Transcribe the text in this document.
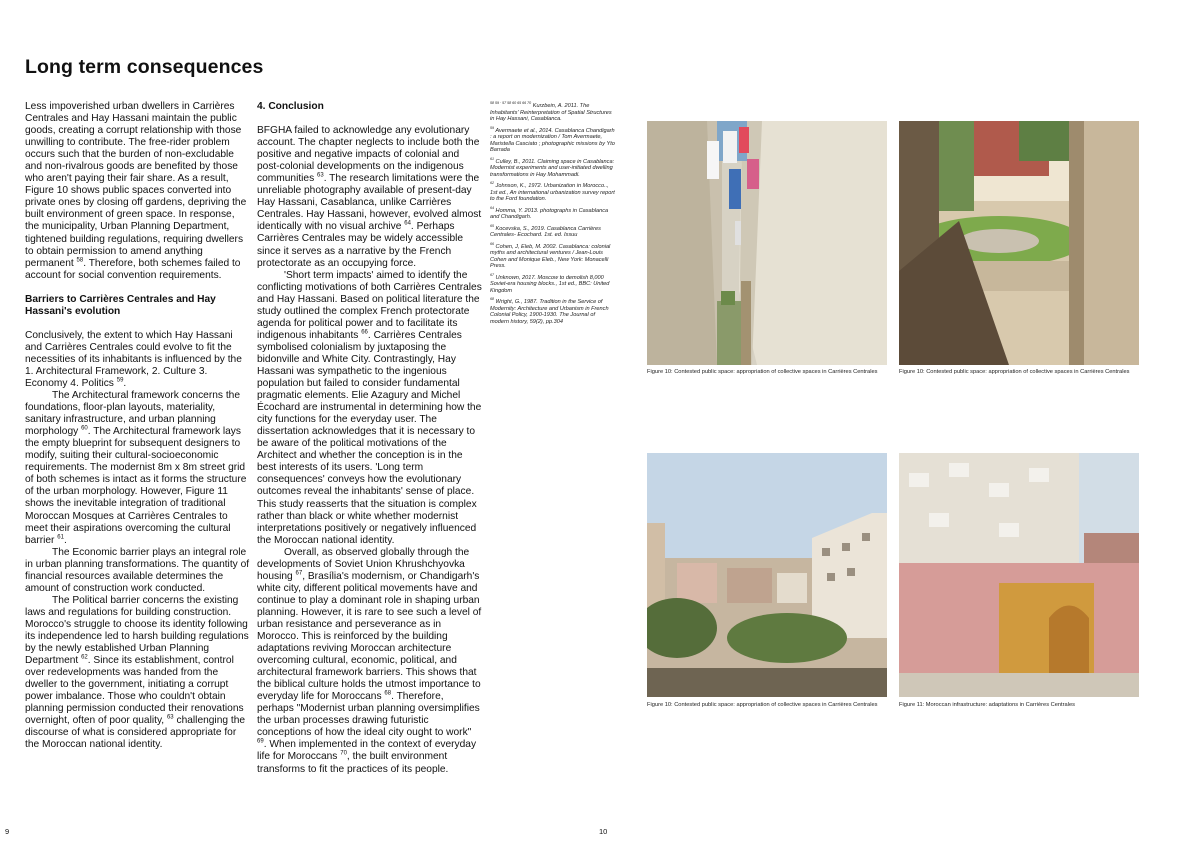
Long term consequences

Less impoverished urban dwellers in Carrières Centrales and Hay Hassani maintain the public goods, creating a corrupt relationship with those unwilling to contribute. The free-rider problem occurs such that the burden of non-excludable and non-rivalrous goods are benefited by those who aren't paying their fair share. As a result, Figure 10 shows public spaces converted into private ones by closing off gardens, depriving the built environment of green space. In response, the municipality, Urban Planning Department, tightened building regulations, requiring dwellers to obtain permission to amend anything permanent $^{58}$. Therefore, both schemes failed to account for social convention requirements.

Barriers to Carrières Centrales and Hay Hassani's evolution

Conclusively, the extent to which Hay Hassani and Carrières Centrales could evolve to fit the necessities of its inhabitants is influenced by the 1. Architectural Framework, 2. Culture 3. Economy 4. Politics $^{59}$.

The Architectural framework concerns the foundations, floor-plan layouts, materiality, sanitary infrastructure, and urban planning morphology $^{60}$. The Architectural framework lays the empty blueprint for subsequent designers to modify, suiting their cultural-socioeconomic requirements. The modernist 8m x 8m street grid of both schemes is intact as it forms the structure of the urban morphology. However, Figure 11 shows the inevitable integration of traditional Moroccan Mosques at Carrières Centrales to meet their aspirations overcoming the cultural barrier $^{61}$.

The Economic barrier plays an integral role in urban planning transformations. The quantity of financial resources available determines the amount of construction work conducted.

The Political barrier concerns the existing laws and regulations for building construction. Morocco's struggle to choose its identity following its independence led to harsh building regulations by the newly established Urban Planning Department $^{62}$. Since its establishment, control over redevelopments was handed from the dweller to the government, initiating a corrupt power imbalance. Those who couldn't obtain planning permission conducted their renovations overnight, often of poor quality, $^{63}$ challenging the discourse of what is considered appropriate for the Moroccan national identity.

4. Conclusion

BFGHA failed to acknowledge any evolutionary account. The chapter neglects to include both the positive and negative impacts of colonial and post-colonial developments on the indigenous communities $^{63}$. The research limitations were the unreliable photography available of present-day Hay Hassani, Casablanca, unlike Carrières Centrales. Hay Hassani, however, evolved almost identically with no visual archive $^{64}$. Perhaps Carrières Centrales may be widely accessible since it serves as a narrative by the French protectorate as an occupying force.

'Short term impacts' aimed to identify the conflicting motivations of both Carrières Centrales and Hay Hassani. Based on political literature the study outlined the complex French protectorate agenda for political power and to facilitate its indigenous inhabitants $^{66}$. Carrières Centrales symbolised colonialism by juxtaposing the bidonville and White City. Contrastingly, Hay Hassani was sympathetic to the ingenious population but failed to consider fundamental pragmatic elements. Elie Azagury and Michel Écochard are instrumental in determining how the city functions for the everyday user. The dissertation acknowledges that it is necessary to be aware of the political motivations of the Architect and whether the conception is in the best interests of its users. 'Long term consequences' conveys how the evolutionary outcomes reveal the inhabitants' sense of place. This study reasserts that the situation is complex rather than black or white whether modernist interpretations positively or negatively influenced the Moroccan national identity.

Overall, as observed globally through the developments of Soviet Union Khrushchyovka housing $^{67}$, Brasília's modernism, or Chandigarh's white city, different political movements have and continue to play a dominant role in shaping urban planning. However, it is rare to see such a level of urban resistance and perseverance as in Morocco. This is reinforced by the building adaptations reviving Moroccan architecture overcoming cultural, economic, political, and architectural framework barriers. This shows that the biblical culture holds the utmost importance to everyday life for Moroccans $^{68}$. Therefore, perhaps "Modernist urban planning oversimplifies the urban processes drawing futuristic conceptions of how the ideal city ought to work" $^{69}$. When implemented in the context of everyday life for Moroccans $^{70}$, the built environment transforms to fit the practices of its people.

$^{58 59 \cdot 57 58 60 65 66 70}$ Kurzbein, A. 2011. The Inhabitants' Reinterpretation of Spatial Structures in Hay Hassani, Casablanca.

$^{59}$ Avermaete et al., 2014. Casablanca Chandigarh : a report on modernization / Tom Avermaete, Maristella Casciato ; photographic missions by Yto Barrada

$^{61}$ Culley, B., 2011. Claiming space in Casablanca: Modernist experiments and user-initiated dwelling transformations in Hay Mohammadi.

$^{62}$ Johnson, K., 1972. Urbanization in Morocco.., 1st ed., An international urbanization survey report to the Ford foundation.

$^{64}$ Homma, Y. 2013. photographs in Casablanca and Chandigarh.

$^{65}$ Kocevska, S., 2019. Casablanca Carrières Centrales- Ecochard. 1st. ed. Issuu

$^{66}$ Cohen, J, Eleb, M. 2002. Casablanca: colonial myths and architectural ventures / Jean-Louis Cohen and Monique Eleb., New York: Monacelli Press.

$^{67}$ Unknown, 2017. Moscow to demolish 8,000 Soviet-era housing blocks., 1st ed., BBC: United Kingdom

$^{68}$ Wright, G., 1987. Tradition in the Service of Modernity: Architecture and Urbanism in French Colonial Policy, 1900-1930. The Journal of modern history, 59(2), pp.304

Figure 10: Contested public space: appropriation of collective spaces in Carrières Centrales	Figure 10: Contested public space: appropriation of collective spaces in Carrières Centrales
Figure 10: Contested public space: appropriation of collective spaces in Carrières Centrales	Figure 11: Moroccan infrastructure: adaptations in Carrières Centrales
9	10
